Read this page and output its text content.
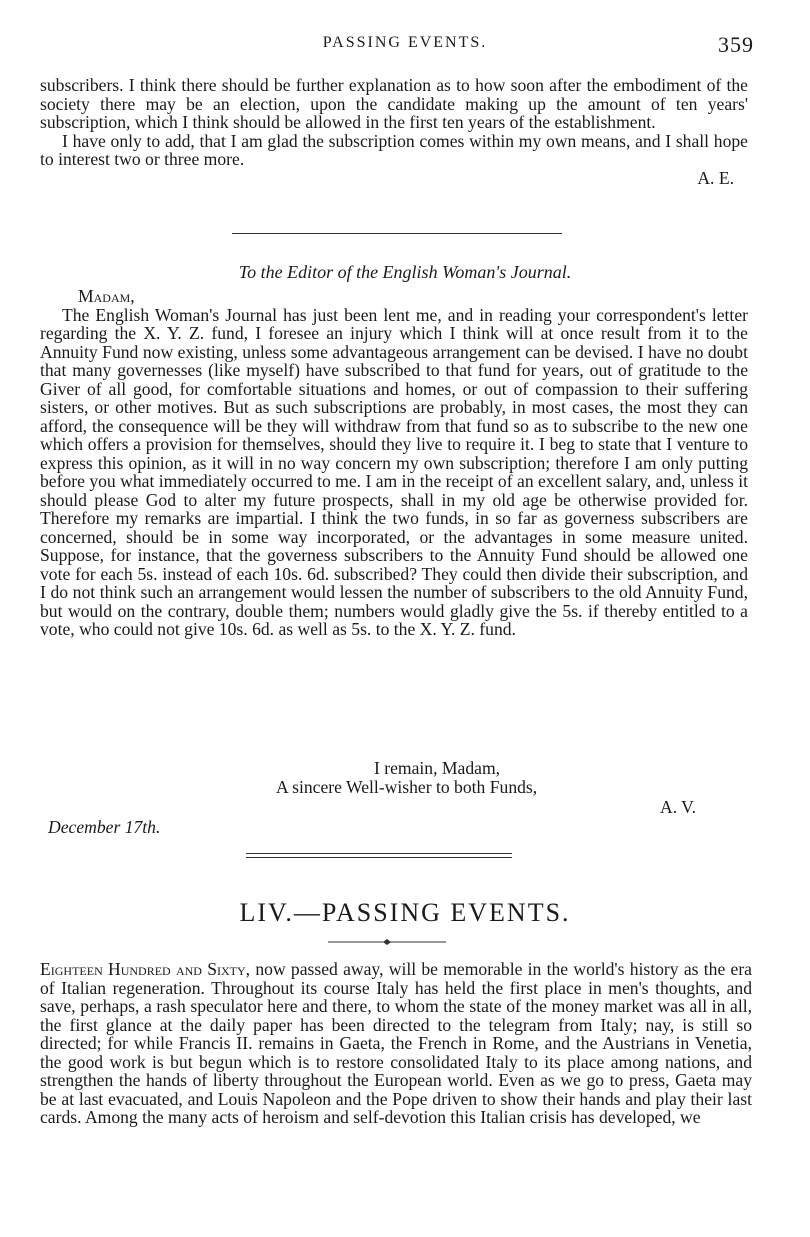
PASSING EVENTS.	359

subscribers. I think there should be further explanation as to how soon after the embodiment of the society there may be an election, upon the candidate making up the amount of ten years' subscription, which I think should be allowed in the first ten years of the establishment.

I have only to add, that I am glad the subscription comes within my own means, and I shall hope to interest two or three more.

A. E.

To the Editor of the English Woman's Journal.

Madam,

The English Woman's Journal has just been lent me, and in reading your correspondent's letter regarding the X. Y. Z. fund, I foresee an injury which I think will at once result from it to the Annuity Fund now existing, unless some advantageous arrangement can be devised. I have no doubt that many governesses (like myself) have subscribed to that fund for years, out of gratitude to the Giver of all good, for comfortable situations and homes, or out of compassion to their suffering sisters, or other motives. But as such subscriptions are probably, in most cases, the most they can afford, the consequence will be they will withdraw from that fund so as to subscribe to the new one which offers a provision for themselves, should they live to require it. I beg to state that I venture to express this opinion, as it will in no way concern my own subscription; therefore I am only putting before you what immediately occurred to me. I am in the receipt of an excellent salary, and, unless it should please God to alter my future prospects, shall in my old age be otherwise provided for. Therefore my remarks are impartial. I think the two funds, in so far as governess subscribers are concerned, should be in some way incorporated, or the advantages in some measure united. Suppose, for instance, that the governess subscribers to the Annuity Fund should be allowed one vote for each 5s. instead of each 10s. 6d. subscribed? They could then divide their subscription, and I do not think such an arrangement would lessen the number of subscribers to the old Annuity Fund, but would on the contrary, double them; numbers would gladly give the 5s. if thereby entitled to a vote, who could not give 10s. 6d. as well as 5s. to the X. Y. Z. fund.

I remain, Madam,
A sincere Well-wisher to both Funds,
A. V.
December 17th.
LIV.—PASSING EVENTS.

Eighteen Hundred and Sixty, now passed away, will be memorable in the world's history as the era of Italian regeneration. Throughout its course Italy has held the first place in men's thoughts, and save, perhaps, a rash speculator here and there, to whom the state of the money market was all in all, the first glance at the daily paper has been directed to the telegram from Italy; nay, is still so directed; for while Francis II. remains in Gaeta, the French in Rome, and the Austrians in Venetia, the good work is but begun which is to restore consolidated Italy to its place among nations, and strengthen the hands of liberty throughout the European world. Even as we go to press, Gaeta may be at last evacuated, and Louis Napoleon and the Pope driven to show their hands and play their last cards. Among the many acts of heroism and self-devotion this Italian crisis has developed, we
